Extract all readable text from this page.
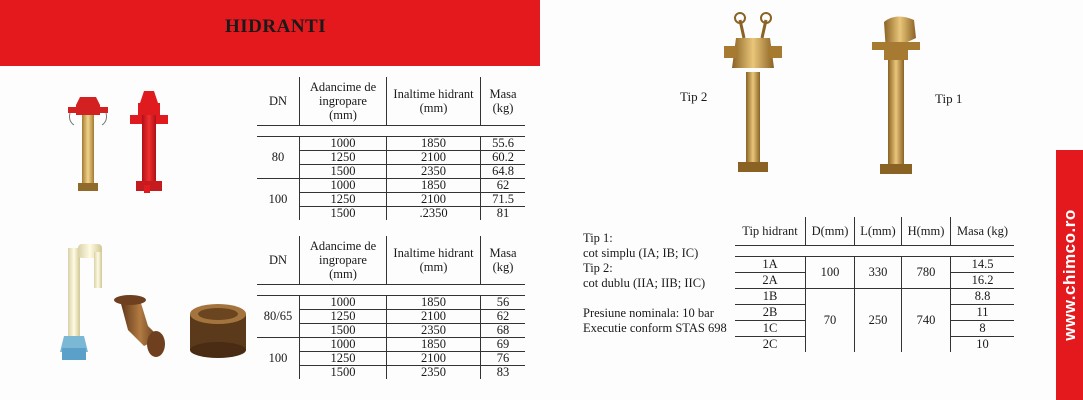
HIDRANTI
www.chimco.ro
Tip 2	Tip 1
DN	Adancime de ingropare (mm)	Inaltime hidrant (mm)	Masa (kg)

80	1000	1850	55.6
	1250	2100	60.2
	1500	2350	64.8
100	1000	1850	62
	1250	2100	71.5
	1500	.2350	81
DN	Adancime de ingropare (mm)	Inaltime hidrant (mm)	Masa (kg)

80/65	1000	1850	56
	1250	2100	62
	1500	2350	68
100	1000	1850	69
	1250	2100	76
	1500	2350	83
Tip 1:
cot simplu (IA; IB; IC)
Tip 2:
cot dublu (IIA; IIB; IIC)
Presiune nominala: 10 bar
Executie conform STAS 698
Tip hidrant	D(mm)	L(mm)	H(mm)	Masa (kg)

1A	100	330	780	14.5
2A				16.2
1B	70	250	740	8.8
2B				11
1C				8
2C				10
